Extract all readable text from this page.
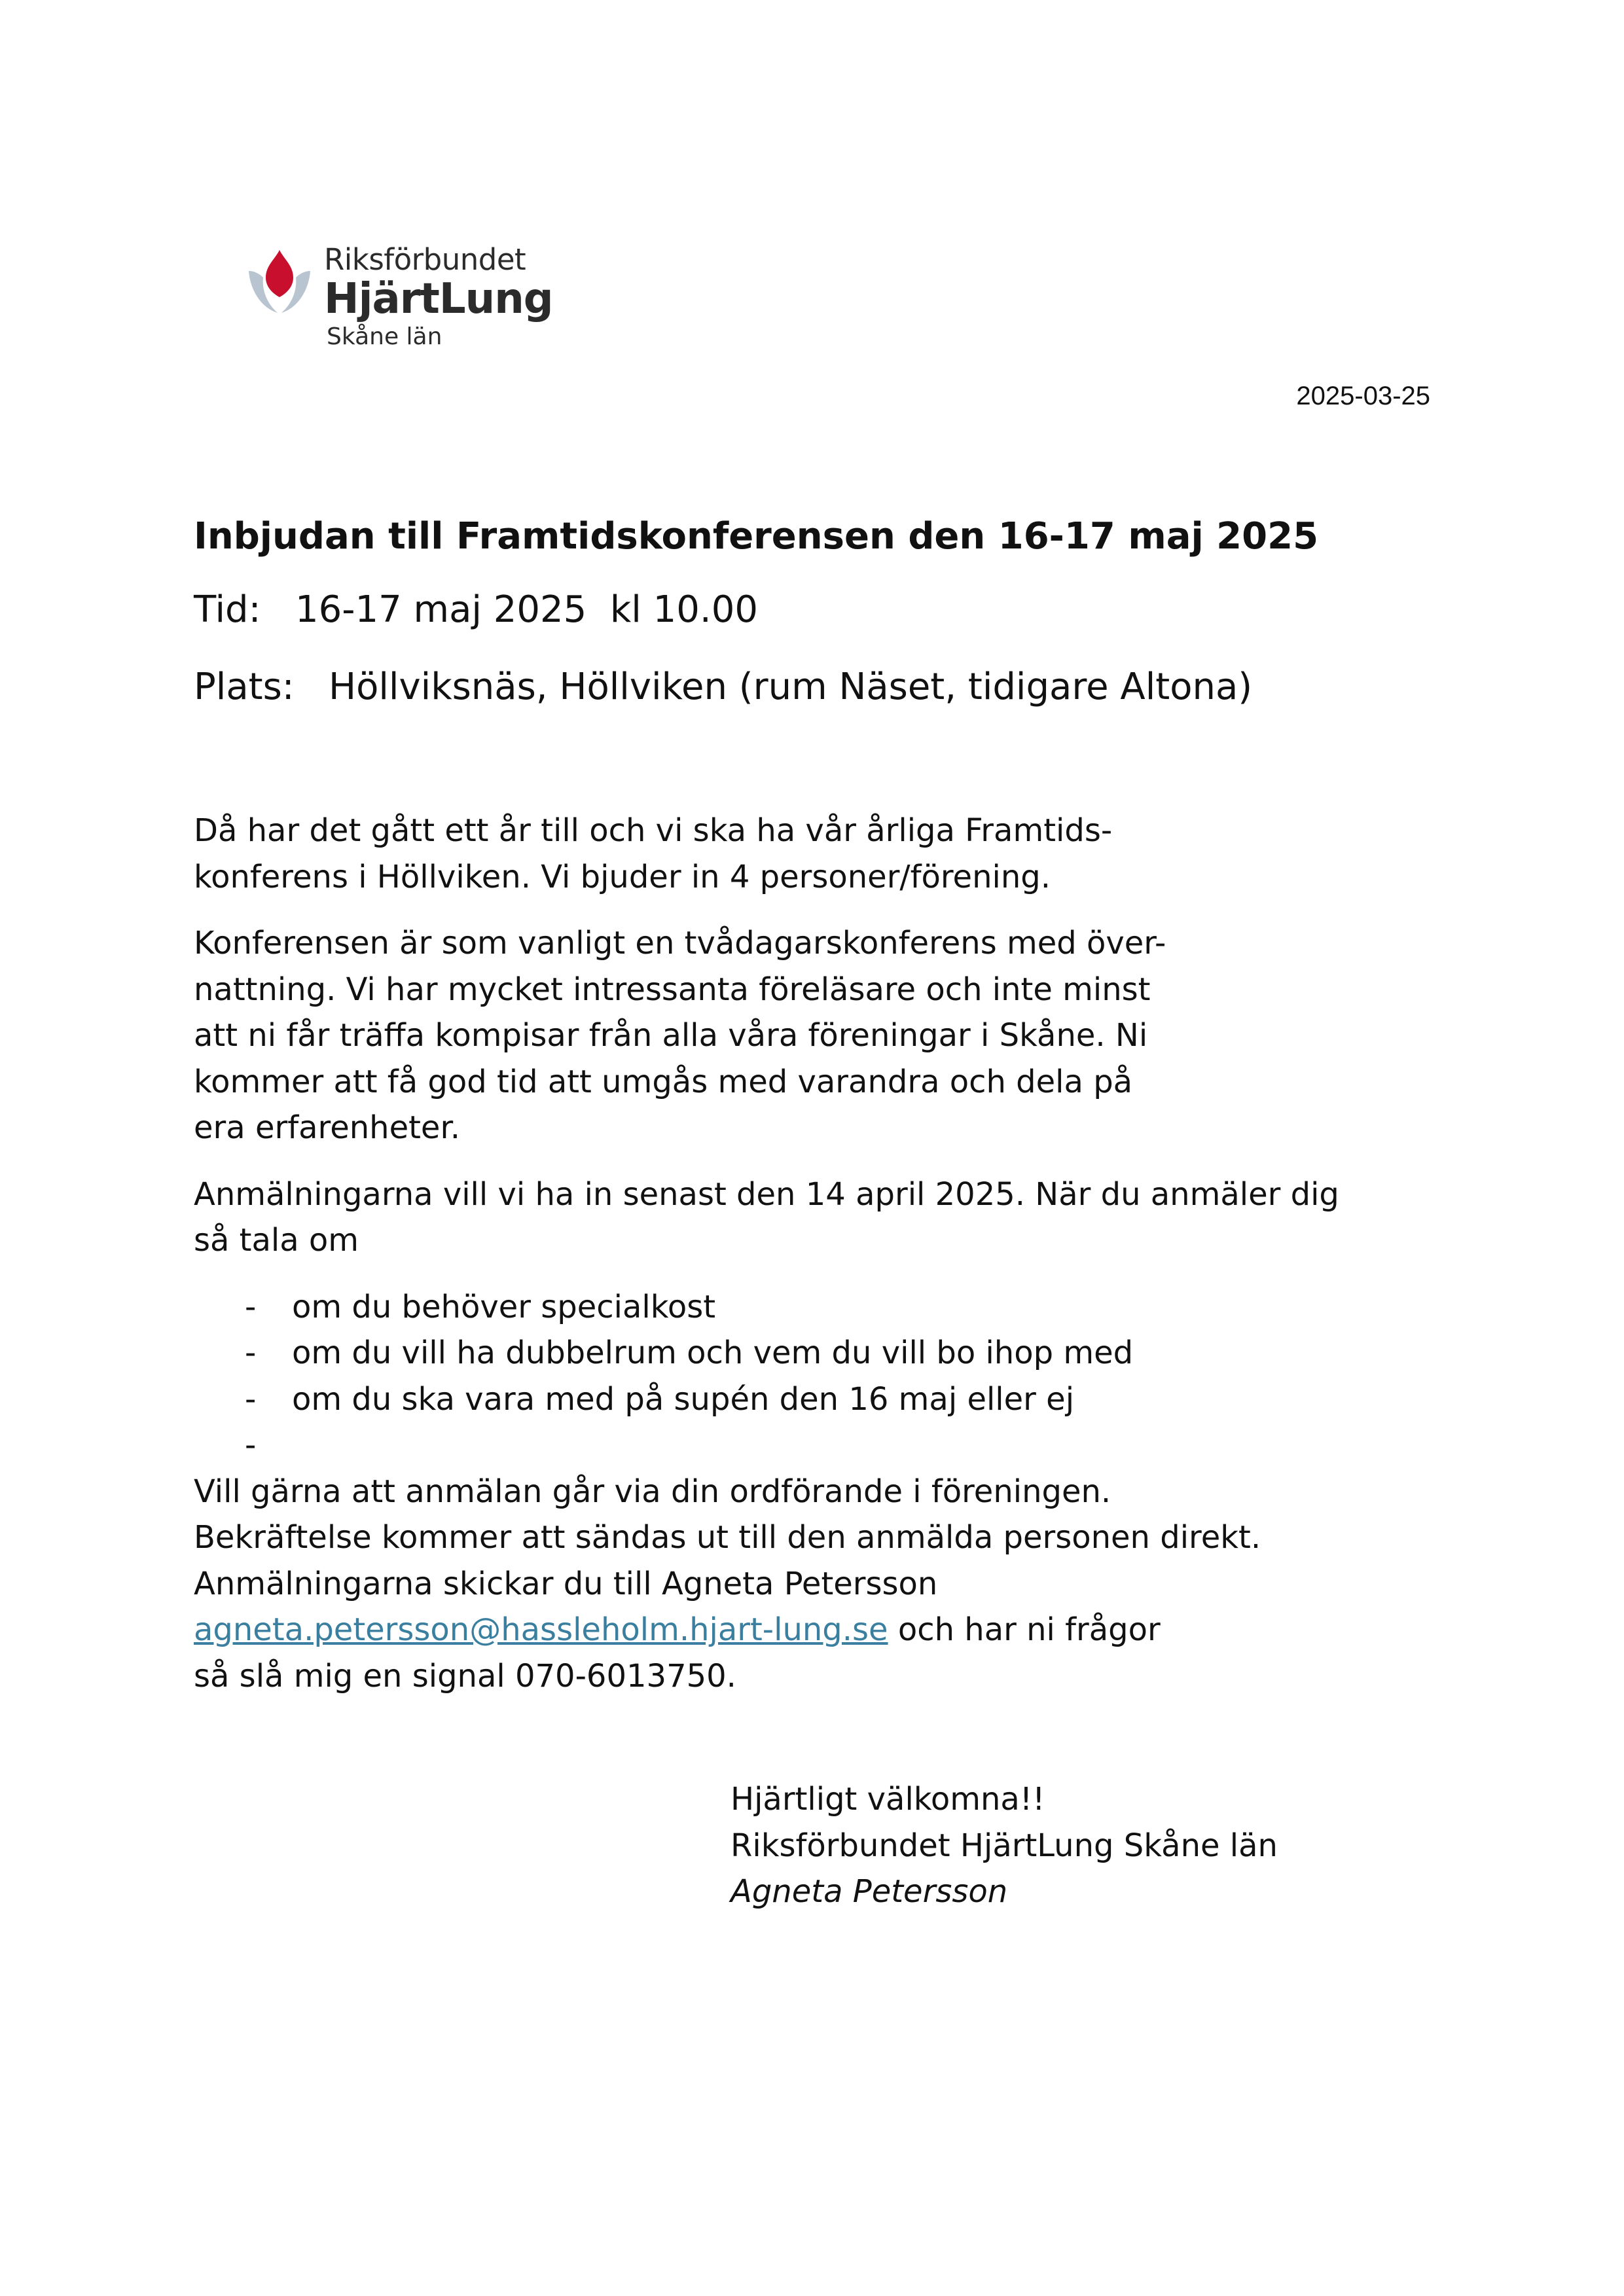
Riksförbundet
HjärtLung
Skåne län
2025-03-25
Inbjudan till Framtidskonferensen den 16-17 maj 2025
Tid: 16-17 maj 2025  kl 10.00
Plats: Höllviksnäs, Höllviken (rum Näset, tidigare Altona)

Då har det gått ett år till och vi ska ha vår årliga Framtids-
konferens i Höllviken. Vi bjuder in 4 personer/förening.

Konferensen är som vanligt en tvådagarskonferens med över-
nattning. Vi har mycket intressanta föreläsare och inte minst
att ni får träffa kompisar från alla våra föreningar i Skåne. Ni
kommer att få god tid att umgås med varandra och dela på
era erfarenheter.

Anmälningarna vill vi ha in senast den 14 april 2025. När du anmäler dig
så tala om

- om du behöver specialkost
- om du vill ha dubbelrum och vem du vill bo ihop med
- om du ska vara med på supén den 16 maj eller ej
-

Vill gärna att anmälan går via din ordförande i föreningen.
Bekräftelse kommer att sändas ut till den anmälda personen direkt.
Anmälningarna skickar du till Agneta Petersson
agneta.petersson@hassleholm.hjart-lung.se och har ni frågor
så slå mig en signal 070-6013750.

Hjärtligt välkomna!!
Riksförbundet HjärtLung Skåne län
Agneta Petersson
